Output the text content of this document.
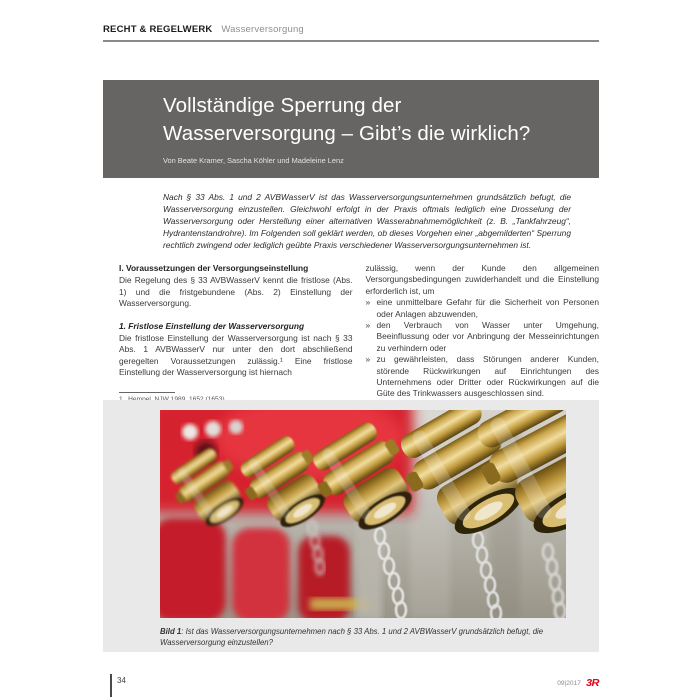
RECHT & REGELWERK Wasserversorgung
Vollständige Sperrung der
Wasserversorgung – Gibt’s die wirklich?
Von Beate Kramer, Sascha Köhler und Madeleine Lenz

Nach § 33 Abs. 1 und 2 AVBWasserV ist das Wasserversorgungsunternehmen grundsätzlich befugt, die Wasserversorgung einzustellen. Gleichwohl erfolgt in der Praxis oftmals lediglich eine Drosselung der Wasserversorgung oder Herstellung einer alternativen Wasserabnahmemöglichkeit (z. B. „Tankfahrzeug“, Hydrantenstandrohre). Im Folgenden soll geklärt werden, ob dieses Vorgehen einer „abgemilderten“ Sperrung rechtlich zwingend oder lediglich geübte Praxis verschiedener Wasserversorgungsunternehmen ist.

I. Voraussetzungen der Versorgungseinstellung

Die Regelung des § 33 AVBWasserV kennt die fristlose (Abs. 1) und die fristgebundene (Abs. 2) Einstellung der Wasserversorgung.

1. Fristlose Einstellung der Wasserversorgung

Die fristlose Einstellung der Wasserversorgung ist nach § 33 Abs. 1 AVBWasserV nur unter den dort abschließend geregelten Voraussetzungen zulässig.¹ Eine fristlose Einstellung der Wasserversorgung ist hiernach

zulässig, wenn der Kunde den allgemeinen Versorgungsbedingungen zuwiderhandelt und die Einstellung erforderlich ist, um

» eine unmittelbare Gefahr für die Sicherheit von Personen oder Anlagen abzuwenden,
» den Verbrauch von Wasser unter Umgehung, Beeinflussung oder vor Anbringung der Messeinrichtungen zu verhindern oder
» zu gewährleisten, dass Störungen anderer Kunden, störende Rückwirkungen auf Einrichtungen des Unternehmens oder Dritter oder Rückwirkungen auf die Güte des Trinkwassers ausgeschlossen sind.
Bild 1: Ist das Wasserversorgungsunternehmen nach § 33 Abs. 1 und 2 AVBWasserV grundsätzlich befugt, die Wasserversorgung einzustellen?
34	09|2017 3R
